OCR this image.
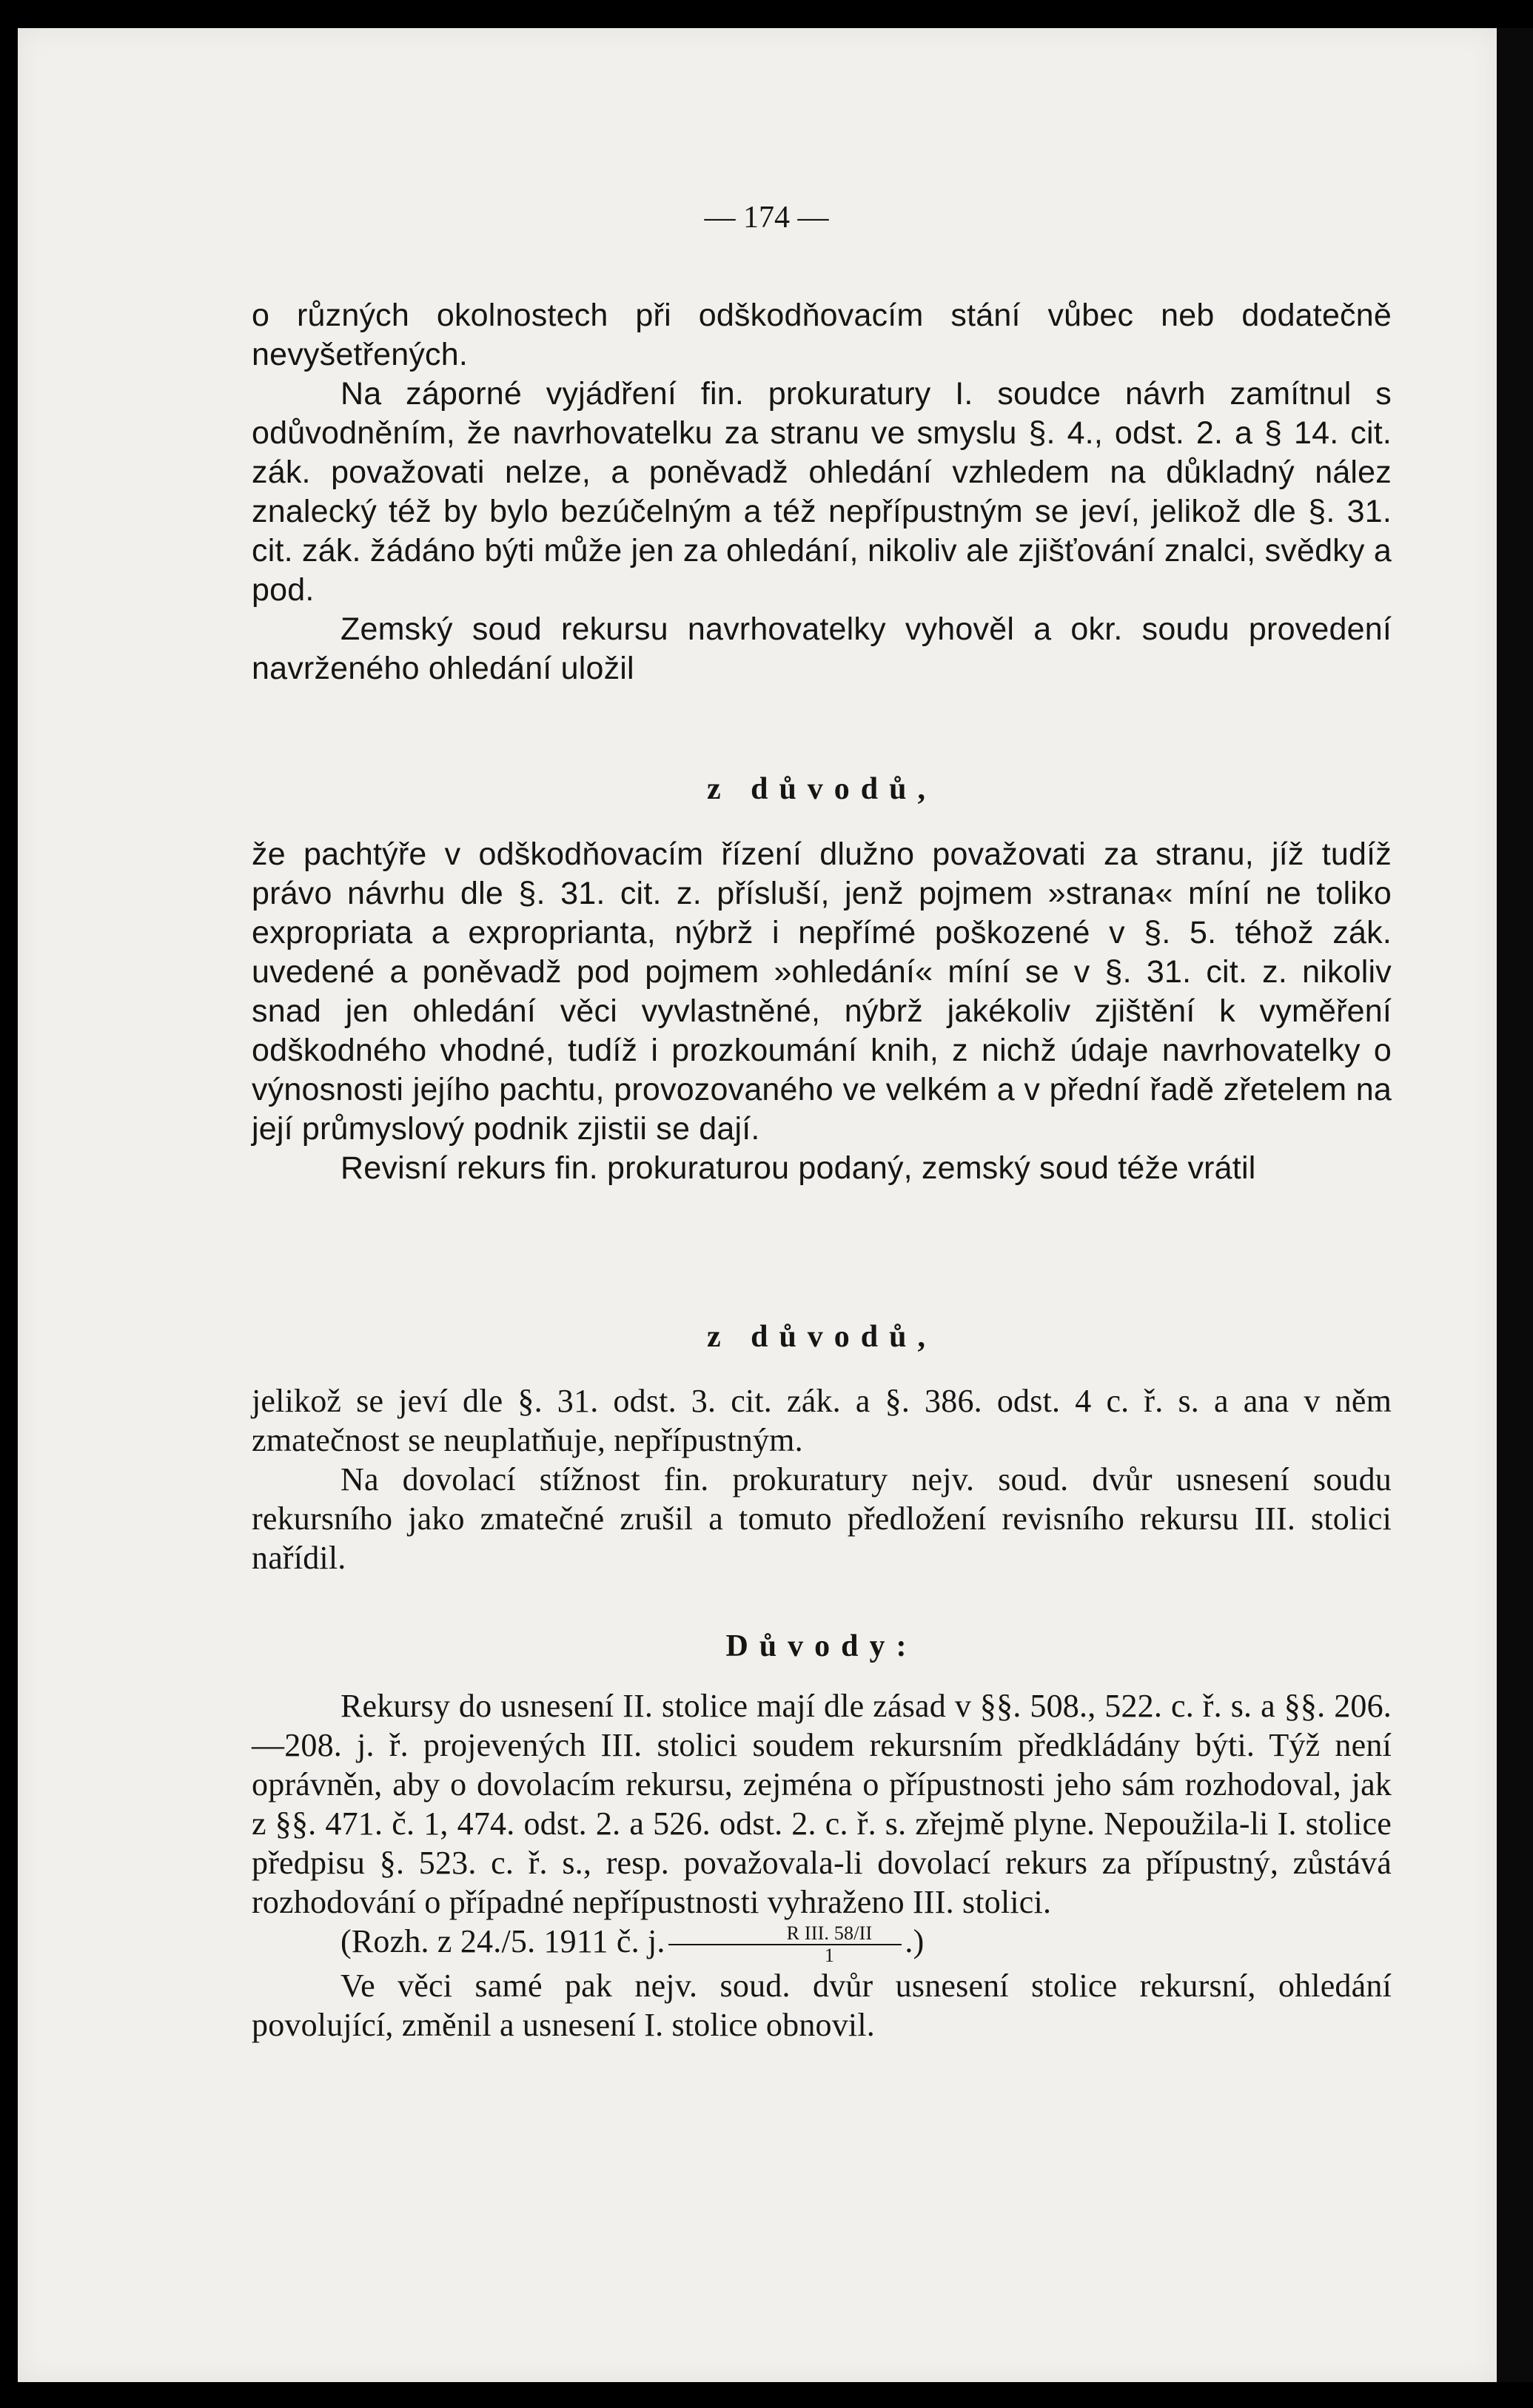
— 174 —

o různých okolnostech při odškodňovacím stání vůbec neb dodatečně nevyšetřených.

Na záporné vyjádření fin. prokuratury I. soudce návrh zamítnul s odůvodněním, že navrhovatelku za stranu ve smyslu §. 4., odst. 2. a § 14. cit. zák. považovati nelze, a poněvadž ohledání vzhledem na důkladný nález znalecký též by bylo bezúčelným a též nepřípustným se jeví, jelikož dle §. 31. cit. zák. žádáno býti může jen za ohledání, nikoliv ale zjišťování znalci, svědky a pod.

Zemský soud rekursu navrhovatelky vyhověl a okr. soudu provedení navrženého ohledání uložil

z důvodů,

že pachtýře v odškodňovacím řízení dlužno považovati za stranu, jíž tudíž právo návrhu dle §. 31. cit. z. přísluší, jenž pojmem »strana« míní ne toliko expropriata a exproprianta, nýbrž i nepřímé poškozené v §. 5. téhož zák. uvedené a poněvadž pod pojmem »ohledání« míní se v §. 31. cit. z. nikoliv snad jen ohledání věci vyvlastněné, nýbrž jakékoliv zjištění k vyměření odškodného vhodné, tudíž i prozkoumání knih, z nichž údaje navrhovatelky o výnosnosti jejího pachtu, provozovaného ve velkém a v přední řadě zřetelem na její průmyslový podnik zjistii se dají.

Revisní rekurs fin. prokuraturou podaný, zemský soud téže vrátil

z důvodů,

jelikož se jeví dle §. 31. odst. 3. cit. zák. a §. 386. odst. 4 c. ř. s. a ana v něm zmatečnost se neuplatňuje, nepřípustným.

Na dovolací stížnost fin. prokuratury nejv. soud. dvůr usnesení soudu rekursního jako zmatečné zrušil a tomuto předložení revisního rekursu III. stolici nařídil.

Důvody:

Rekursy do usnesení II. stolice mají dle zásad v §§. 508., 522. c. ř. s. a §§. 206.—208. j. ř. projevených III. stolici soudem rekursním předkládány býti. Týž není oprávněn, aby o dovolacím rekursu, zejména o přípustnosti jeho sám rozhodoval, jak z §§. 471. č. 1, 474. odst. 2. a 526. odst. 2. c. ř. s. zřejmě plyne. Nepoužila-li I. stolice předpisu §. 523. c. ř. s., resp. považovala-li dovolací rekurs za přípustný, zůstává rozhodování o případné nepřípustnosti vyhraženo III. stolici.

(Rozh. z 24./5. 1911 č. j. $\frac{\text{R III. 58/II}}{1}$ .)

Ve věci samé pak nejv. soud. dvůr usnesení stolice rekursní, ohledání povolující, změnil a usnesení I. stolice obnovil.
